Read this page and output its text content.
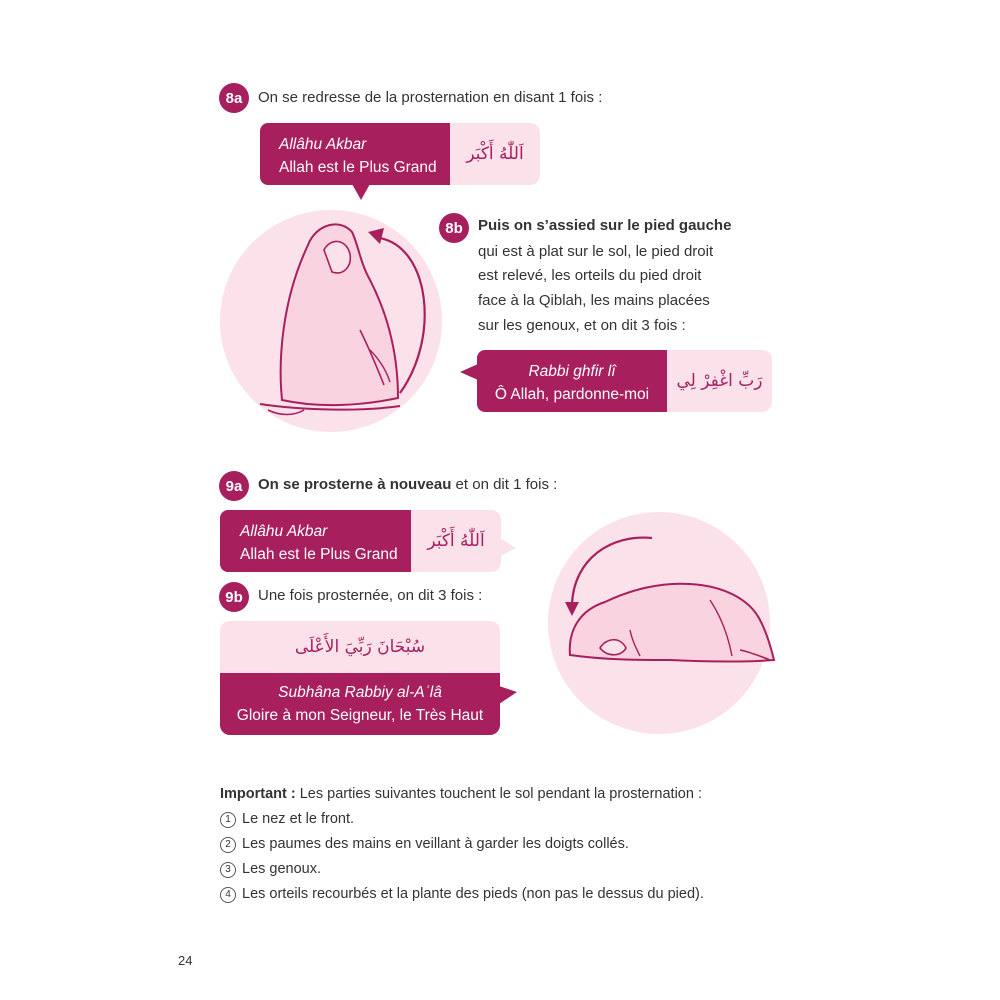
8a	On se redresse de la prosternation en disant 1 fois :
Allâhu Akbar
Allah est le Plus Grand
اَللّٰهُ أَكْبَر
8b	Puis on s’assied sur le pied gauche
qui est à plat sur le sol, le pied droit
est relevé, les orteils du pied droit
face à la Qiblah, les mains placées
sur les genoux, et on dit 3 fois :
Rabbi ghfir lî
Ô Allah, pardonne-moi
رَبِّ اغْفِرْ لِي
9a	On se prosterne à nouveau et on dit 1 fois :
Allâhu Akbar
Allah est le Plus Grand
اَللّٰهُ أَكْبَر
9b	Une fois prosternée, on dit 3 fois :
سُبْحَانَ رَبِّيَ الأَعْلَى
Subhâna Rabbiy al-Aʿlâ
Gloire à mon Seigneur, le Très Haut
Important : Les parties suivantes touchent le sol pendant la prosternation :
1 Le nez et le front.
2 Les paumes des mains en veillant à garder les doigts collés.
3 Les genoux.
4 Les orteils recourbés et la plante des pieds (non pas le dessus du pied).
24
